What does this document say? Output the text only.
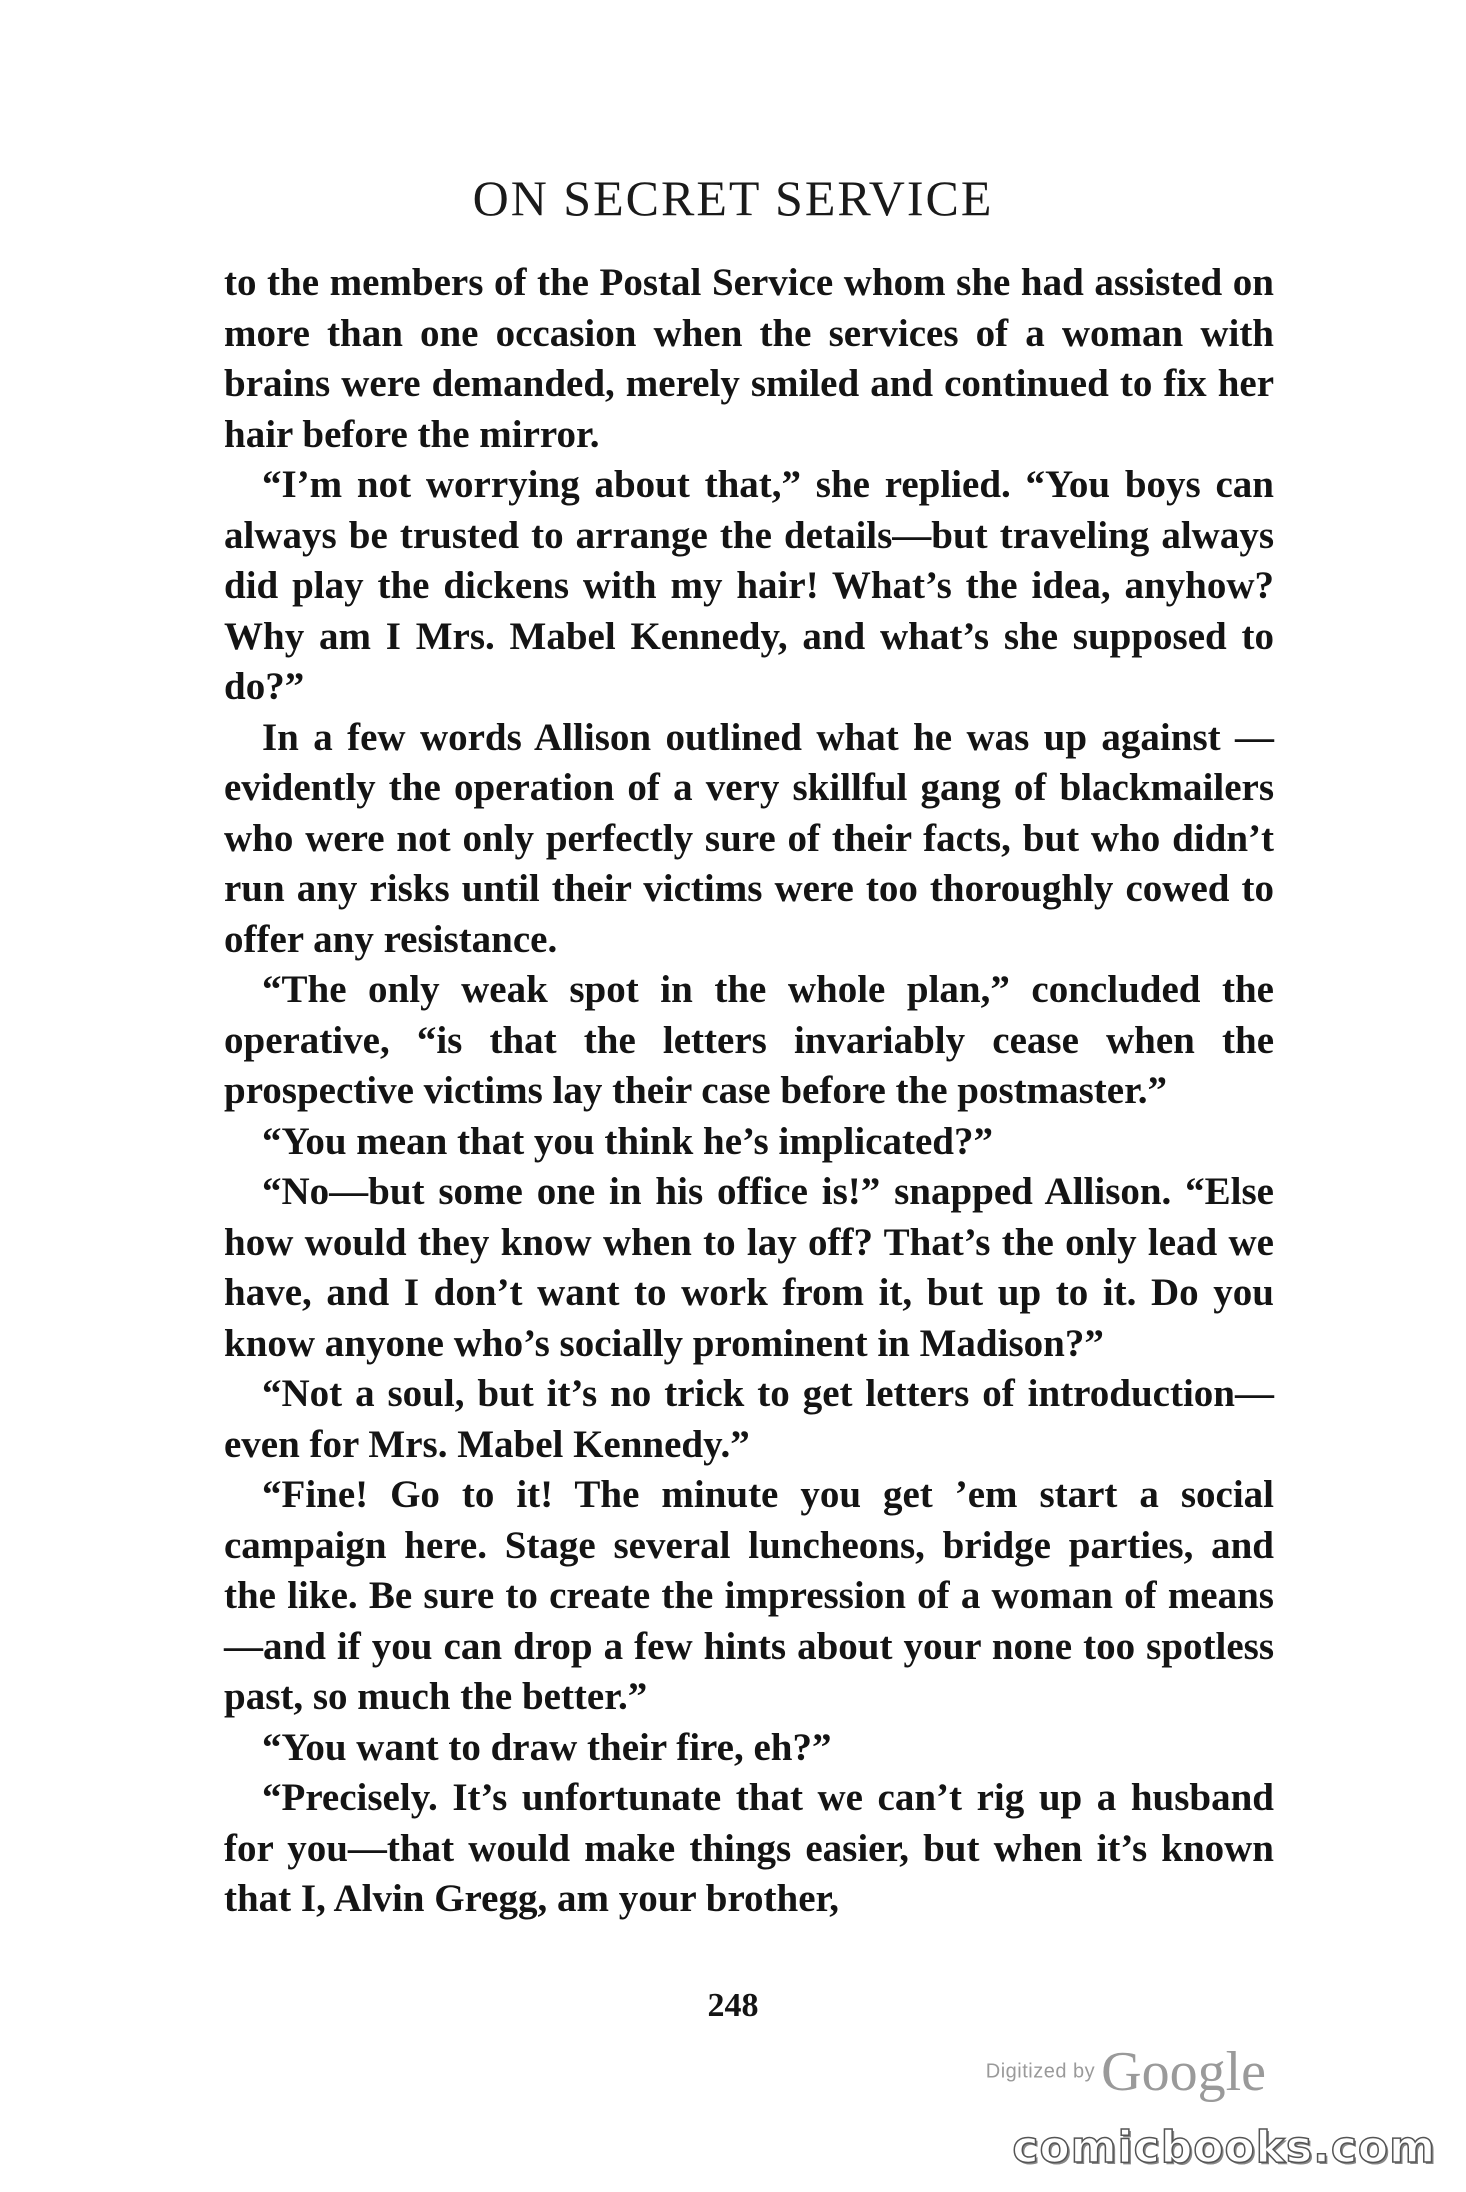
ON SECRET SERVICE

to the members of the Postal Service whom she had assisted on more than one occasion when the services of a woman with brains were demanded, merely smiled and continued to fix her hair before the mirror.

“I’m not worrying about that,” she replied. “You boys can always be trusted to arrange the details—but traveling always did play the dickens with my hair! What’s the idea, anyhow? Why am I Mrs. Mabel Kennedy, and what’s she supposed to do?”

In a few words Allison outlined what he was up against —evidently the operation of a very skillful gang of blackmailers who were not only perfectly sure of their facts, but who didn’t run any risks until their victims were too thoroughly cowed to offer any resistance.

“The only weak spot in the whole plan,” concluded the operative, “is that the letters invariably cease when the prospective victims lay their case before the postmaster.”

“You mean that you think he’s implicated?”

“No—but some one in his office is!” snapped Allison. “Else how would they know when to lay off? That’s the only lead we have, and I don’t want to work from it, but up to it. Do you know anyone who’s socially prominent in Madison?”

“Not a soul, but it’s no trick to get letters of introduction—even for Mrs. Mabel Kennedy.”

“Fine! Go to it! The minute you get ’em start a social campaign here. Stage several luncheons, bridge parties, and the like. Be sure to create the impression of a woman of means—and if you can drop a few hints about your none too spotless past, so much the better.”

“You want to draw their fire, eh?”

“Precisely. It’s unfortunate that we can’t rig up a husband for you—that would make things easier, but when it’s known that I, Alvin Gregg, am your brother,

248
Digitized by Google
comicbooks.com
